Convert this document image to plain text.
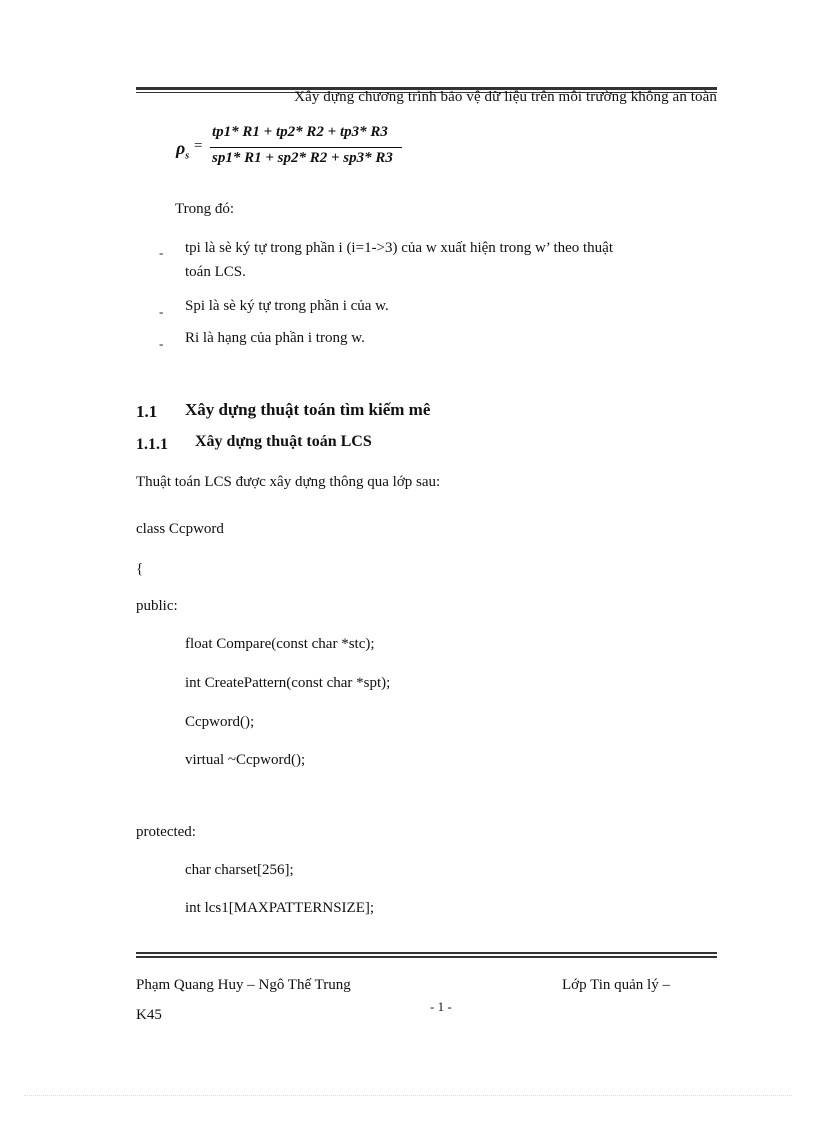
Xây dựng chương trình bảo vệ dữ liệu trên môi trường không an toàn
$\rho_s$
=
tp1* R1 + tp2* R2 + tp3* R3
sp1* R1 + sp2* R2 + sp3* R3
Trong đó:
- tpi là sè ký tự trong phần i (i=1->3) của w xuất hiện trong w’ theo thuật
toán LCS.
- Spi là sè ký tự trong phần i của w.
- Ri là hạng của phần i trong w.
1.1 Xây dựng thuật toán tìm kiếm mê
1.1.1 Xây dựng thuật toán LCS
Thuật toán LCS được xây dựng thông qua lớp sau:
class Ccpword
{
public:
float Compare(const char *stc);
int CreatePattern(const char *spt);
Ccpword();
virtual ~Ccpword();
protected:
char charset[256];
int lcs1[MAXPATTERNSIZE];
Phạm Quang Huy – Ngô Thế Trung	Lớp Tin quản lý –
K45
- 1 -
